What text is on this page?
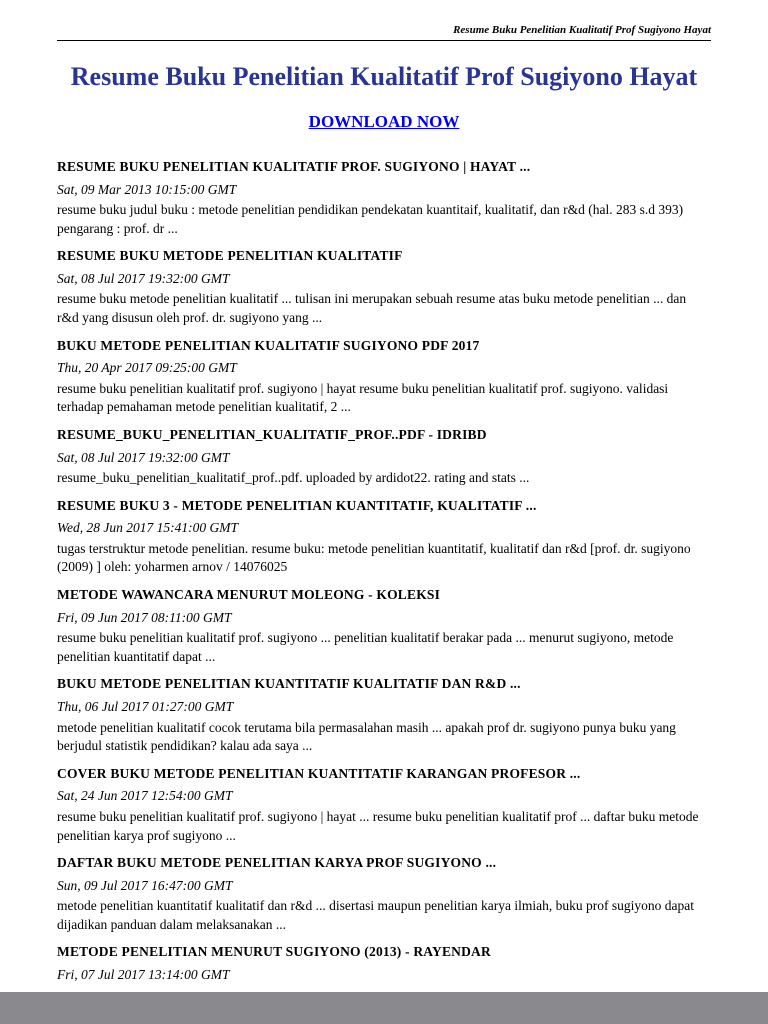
Resume Buku Penelitian Kualitatif Prof Sugiyono Hayat
Resume Buku Penelitian Kualitatif Prof Sugiyono Hayat
DOWNLOAD NOW
RESUME BUKU PENELITIAN KUALITATIF PROF. SUGIYONO | HAYAT ...
Sat, 09 Mar 2013 10:15:00 GMT

resume buku judul buku : metode penelitian pendidikan pendekatan kuantitaif, kualitatif, dan r&d (hal. 283 s.d 393) pengarang : prof. dr ...

RESUME BUKU METODE PENELITIAN KUALITATIF
Sat, 08 Jul 2017 19:32:00 GMT

resume buku metode penelitian kualitatif ... tulisan ini merupakan sebuah resume atas buku metode penelitian ... dan r&d yang disusun oleh prof. dr. sugiyono yang ...

BUKU METODE PENELITIAN KUALITATIF SUGIYONO PDF 2017
Thu, 20 Apr 2017 09:25:00 GMT

resume buku penelitian kualitatif prof. sugiyono | hayat resume buku penelitian kualitatif prof. sugiyono. validasi terhadap pemahaman metode penelitian kualitatif, 2 ...

RESUME_BUKU_PENELITIAN_KUALITATIF_PROF..PDF - IDRIBD
Sat, 08 Jul 2017 19:32:00 GMT

resume_buku_penelitian_kualitatif_prof..pdf. uploaded by ardidot22. rating and stats ...

RESUME BUKU 3 - METODE PENELITIAN KUANTITATIF, KUALITATIF ...
Wed, 28 Jun 2017 15:41:00 GMT

tugas terstruktur metode penelitian. resume buku: metode penelitian kuantitatif, kualitatif dan r&d [prof. dr. sugiyono (2009) ] oleh: yoharmen arnov / 14076025

METODE WAWANCARA MENURUT MOLEONG - KOLEKSI
Fri, 09 Jun 2017 08:11:00 GMT

resume buku penelitian kualitatif prof. sugiyono ... penelitian kualitatif berakar pada ... menurut sugiyono, metode penelitian kuantitatif dapat ...

BUKU METODE PENELITIAN KUANTITATIF KUALITATIF DAN R&D ...
Thu, 06 Jul 2017 01:27:00 GMT

metode penelitian kualitatif cocok terutama bila permasalahan masih ... apakah prof dr. sugiyono punya buku yang berjudul statistik pendidikan? kalau ada saya ...

COVER BUKU METODE PENELITIAN KUANTITATIF KARANGAN PROFESOR ...
Sat, 24 Jun 2017 12:54:00 GMT

resume buku penelitian kualitatif prof. sugiyono | hayat ... resume buku penelitian kualitatif prof ... daftar buku metode penelitian karya prof sugiyono ...

DAFTAR BUKU METODE PENELITIAN KARYA PROF SUGIYONO ...
Sun, 09 Jul 2017 16:47:00 GMT

metode penelitian kuantitatif kualitatif dan r&d ... disertasi maupun penelitian karya ilmiah, buku prof sugiyono dapat dijadikan panduan dalam melaksanakan ...

METODE PENELITIAN MENURUT SUGIYONO (2013) - RAYENDAR
Fri, 07 Jul 2017 13:14:00 GMT
